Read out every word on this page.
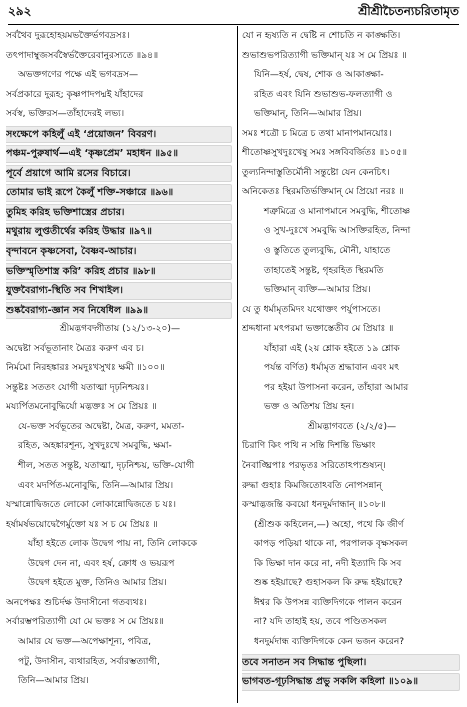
২৯২	শ্রীশ্রীচৈতন্যচরিতামৃত
সর্বথৈব দুরূহোহয়মভক্তৈর্ভগবদ্রসঃ।
তৎপাদাম্বুজসর্বস্বৈর্ভক্তৈরেবানুরস্যতে ॥৯৪॥
অভক্তগণের পক্ষে এই ভগবদ্রস—
সর্বপ্রকারে দুরূহ; কৃষ্ণপাদপদ্মই যাঁহাদের
সর্বস্ব, ভক্তিরস—তাঁহাদেরই লভ্য।
সংক্ষেপে কহিলুঁ এই ‘প্রয়োজন’ বিবরণ।
পঞ্চম-পুরুষার্থ—এই ‘কৃষ্ণপ্রেম’ মহাধন ॥৯৫॥
পূর্বে প্রয়াগে আমি রসের বিচারে।
তোমার ভাই রূপে কৈলুঁ শক্তি-সঞ্চারে ॥৯৬॥
তুমিহ করিহ ভক্তিশাস্ত্রের প্রচার।
মথুরায় লুপ্ততীর্থের করিহ উদ্ধার ॥৯৭॥
বৃন্দাবনে কৃষ্ণসেবা, বৈষ্ণব-আচার।
ভক্তিস্মৃতিশাস্ত্র করি’ করিহ প্রচার ॥৯৮॥
যুক্তবৈরাগ্য-স্থিতি সব শিখাইল।
শুষ্কবৈরাগ্য-জ্ঞান সব নিষেধিল ॥৯৯॥
শ্রীমদ্ভগবদ্গীতায় (১২/১৩-২০)—
অদ্বেষ্টা সর্বভূতানাং মৈত্রঃ করুণ এব চ।
নির্মমো নিরহঙ্কারঃ সমদুঃখসুখঃ ক্ষমী ॥১০০॥
সন্তুষ্টঃ সততং যোগী যতাত্মা দৃঢ়নিশ্চয়ঃ।
ময্যর্পিতমনোবুদ্ধির্যো মদ্ভক্তঃ স মে প্রিয়ঃ ॥
যে-ভক্ত সর্বভূতের অদ্বেষ্টা, মৈত্র, করুণ, মমতা-
রহিত, অহঙ্কারশূন্য, সুখদুঃখে সমবুদ্ধি, ক্ষমা-
শীল, সতত সন্তুষ্ট, যতাত্মা, দৃঢ়নিশ্চয়, ভক্তি-যোগী
এবং মদর্পিত-মনোবুদ্ধি, তিনি—আমার প্রিয়।
যস্মান্নোদ্বিজতে লোকো লোকান্নোদ্বিজতে চ যঃ।
হর্ষামর্ষভয়োদ্বেগৈর্মুক্তো যঃ স চ মে প্রিয়ঃ ॥
যাঁহা হইতে লোক উদ্বেগ পায় না, তিনি লোককে
উদ্বেগ দেন না, এবং হর্ষ, ক্রোধ ও ভয়রূপ
উদ্বেগ হইতে মুক্ত, তিনিও আমার প্রিয়।
অনপেক্ষঃ শুচির্দক্ষ উদাসীনো গতব্যথঃ।
সর্বারম্ভপরিত্যাগী যো মে ভক্তঃ স মে প্রিয়ঃ॥
আমার যে ভক্ত—অপেক্ষাশূন্য, পবিত্র,
পটু, উদাসীন, ব্যথারহিত, সর্বারম্ভত্যাগী,
তিনি—আমার প্রিয়।
যো ন হৃষ্যতি ন দ্বেষ্টি ন শোচতি ন কাঙ্ক্ষতি।
শুভাশুভপরিত্যাগী ভক্তিমান্ যঃ স মে প্রিয়ঃ ॥
যিনি—হর্ষ, দ্বেষ, শোক ও আকাঙ্ক্ষা-
রহিত এবং যিনি শুভাশুভ-ফলত্যাগী ও
ভক্তিমান্, তিনি—আমার প্রিয়।
সমঃ শত্রৌ চ মিত্রে চ তথা মানাপমানয়োঃ।
শীতোষ্ণসুখদুঃখেষু সমঃ সঙ্গবিবর্জিতঃ ॥১০৫॥
তুল্যনিন্দাস্তুতির্মৌনী সন্তুষ্টো যেন কেনচিৎ।
অনিকেতঃ স্থিরমতির্ভক্তিমান্ মে প্রিয়ো নরঃ ॥
শত্রুমিত্রে ও মানাপমানে সমবুদ্ধি, শীতোষ্ণ
ও সুখ-দুঃখে সমবুদ্ধি আসক্তিরহিত, নিন্দা
ও স্তুতিতে তুল্যবুদ্ধি, মৌনী, যাহাতে
তাহাতেই সন্তুষ্ট, গৃহরহিত স্থিরমতি
ভক্তিমান্ ব্যক্তি—আমার প্রিয়।
যে তু ধর্মামৃতমিদং যথোক্তং পর্যুপাসতে।
শ্রদ্দধানা মৎপরমা ভক্তাস্তেতীব মে প্রিয়াঃ ॥
যাঁহারা এই (২য় শ্লোক হইতে ১৯ শ্লোক
পর্যন্ত বর্ণিত) ধর্মামৃত শ্রদ্ধাবান এবং মৎ
পর হইয়া উপাসনা করেন, তাঁহারা আমার
ভক্ত ও অতিশয় প্রিয় হন।
শ্রীমদ্ভাগবতে (২/২/৫)—
চিরাণি কিং পথি ন সন্তি দিশন্তি ভিক্ষাং
নৈবাঙ্ঘ্রিপাঃ পরভৃতঃ সরিতোঽপ্যশুষ্যন্।
রুদ্ধা গুহাঃ কিমজিতোঽবতি নোপসন্নান্
কস্মাদ্ভজন্তি কবয়ো ধনদুর্মদান্ধান্ ॥১০৮॥
(শ্রীশুক কহিলেন,—) অহো, পথে কি জীর্ণ
কাপড় পড়িয়া থাকে না, পরপালক বৃক্ষসকল
কি ভিক্ষা দান করে না, নদী ইত্যাদি কি সব
শুষ্ক হইয়াছে? গুহাসকল কি রুদ্ধ হইয়াছে?
ঈশ্বর কি উপসন্ন ব্যক্তিদিগকে পালন করেন
না? যদি তাহাই হয়, তবে পণ্ডিতসকল
ধনদুর্মদান্ধ ব্যক্তিদিগকে কেন ভজন করেন?
তবে সনাতন সব সিদ্ধান্ত পুছিলা।
ভাগবত-গূঢ়সিদ্ধান্ত প্রভু সকলি কহিলা ॥১০৯॥
